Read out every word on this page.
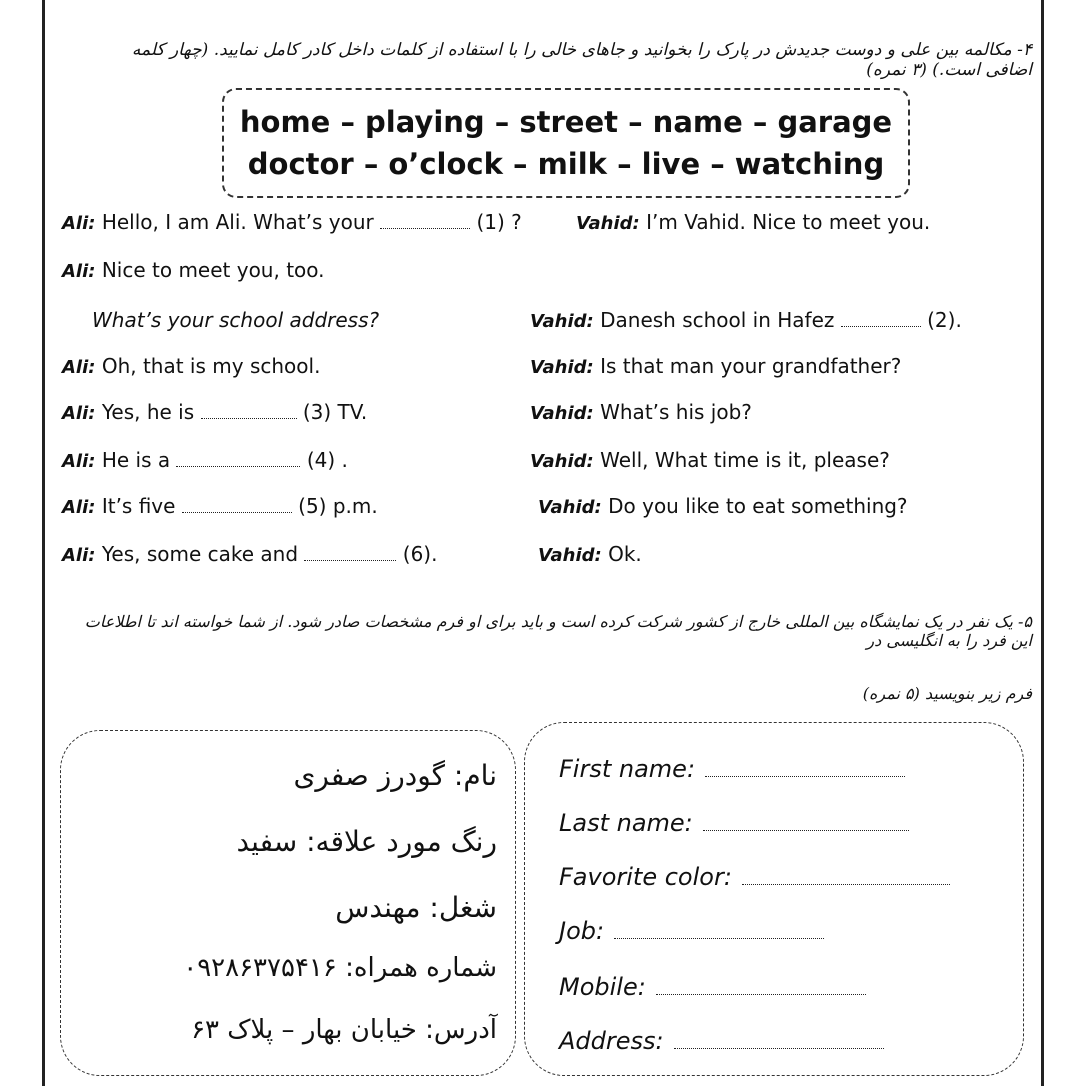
۴- مکالمه بین علی و دوست جدیدش در پارک را بخوانید و جاهای خالی را با استفاده از کلمات داخل کادر کامل نمایید. (چهار کلمه اضافی است.) (۳ نمره)
home – playing – street – name – garage
doctor – o’clock – milk – live – watching
Ali: Hello, I am Ali. What’s your	(1) ?	Vahid: I’m Vahid. Nice to meet you.
Ali: Nice to meet you, too.
What’s your school address?	Vahid: Danesh school in Hafez	(2).
Ali: Oh, that is my school.	Vahid: Is that man your grandfather?
Ali: Yes, he is	(3) TV.	Vahid: What’s his job?
Ali: He is a	(4) .	Vahid: Well, What time is it, please?
Ali: It’s five	(5) p.m.	Vahid: Do you like to eat something?
Ali: Yes, some cake and	(6).	Vahid: Ok.
۵- یک نفر در یک نمایشگاه بین المللی خارج از کشور شرکت کرده است و باید برای او فرم مشخصات صادر شود. از شما خواسته اند تا اطلاعات این فرد را به انگلیسی در
فرم زیر بنویسید (۵ نمره)
نام: گودرز صفری
رنگ مورد علاقه: سفید
شغل: مهندس
شماره همراه: ۰۹۲۸۶۳۷۵۴۱۶
آدرس: خیابان بهار – پلاک ۶۳
First name:
Last name:
Favorite color:
Job:
Mobile:
Address:
